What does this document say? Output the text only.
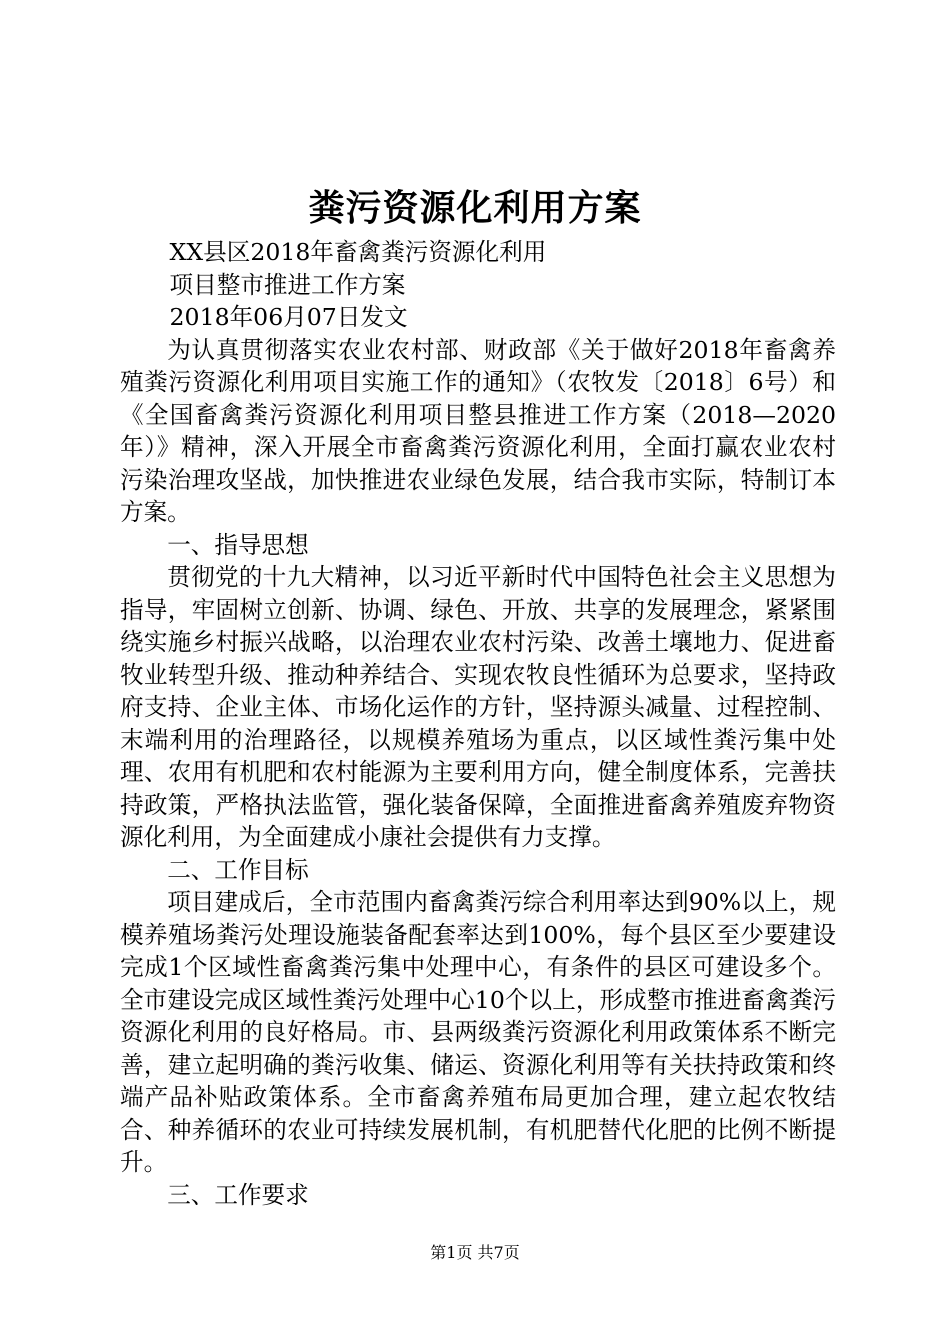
粪污资源化利用方案

XX县区2018年畜禽粪污资源化利用

项目整市推进工作方案

2018年06月07日发文

为认真贯彻落实农业农村部、财政部《关于做好2018年畜禽养殖粪污资源化利用项目实施工作的通知》（农牧发〔2018〕6号）和《全国畜禽粪污资源化利用项目整县推进工作方案（2018—2020年）》精神，深入开展全市畜禽粪污资源化利用，全面打赢农业农村污染治理攻坚战，加快推进农业绿色发展，结合我市实际，特制订本方案。

一、指导思想

贯彻党的十九大精神，以习近平新时代中国特色社会主义思想为指导，牢固树立创新、协调、绿色、开放、共享的发展理念，紧紧围绕实施乡村振兴战略，以治理农业农村污染、改善土壤地力、促进畜牧业转型升级、推动种养结合、实现农牧良性循环为总要求，坚持政府支持、企业主体、市场化运作的方针，坚持源头减量、过程控制、末端利用的治理路径，以规模养殖场为重点，以区域性粪污集中处理、农用有机肥和农村能源为主要利用方向，健全制度体系，完善扶持政策，严格执法监管，强化装备保障，全面推进畜禽养殖废弃物资源化利用，为全面建成小康社会提供有力支撑。

二、工作目标

项目建成后，全市范围内畜禽粪污综合利用率达到90%以上，规模养殖场粪污处理设施装备配套率达到100%，每个县区至少要建设完成1个区域性畜禽粪污集中处理中心，有条件的县区可建设多个。全市建设完成区域性粪污处理中心10个以上，形成整市推进畜禽粪污资源化利用的良好格局。市、县两级粪污资源化利用政策体系不断完善，建立起明确的粪污收集、储运、资源化利用等有关扶持政策和终端产品补贴政策体系。全市畜禽养殖布局更加合理，建立起农牧结合、种养循环的农业可持续发展机制，有机肥替代化肥的比例不断提升。

三、工作要求

第1页 共7页
